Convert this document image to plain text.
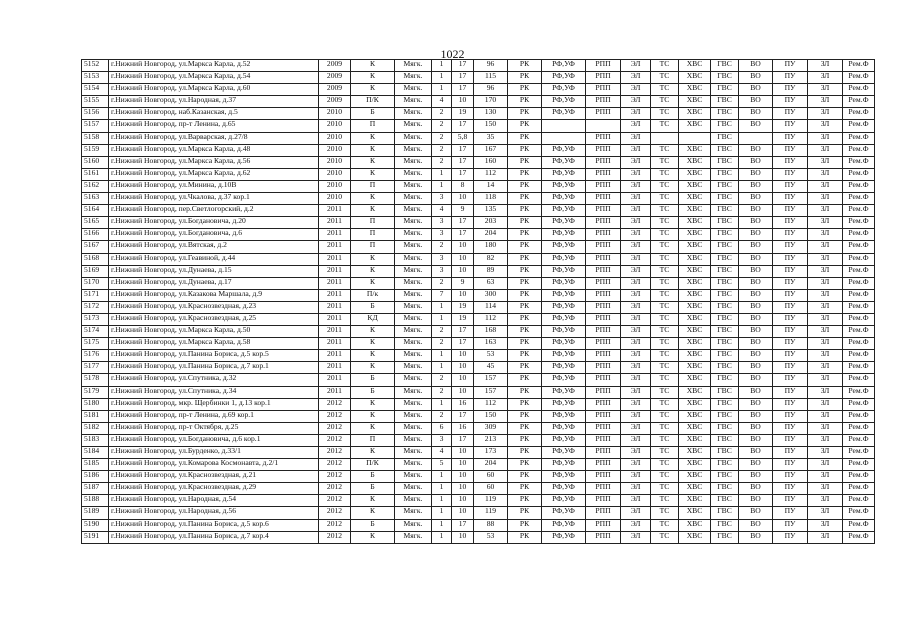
1022
5152	г.Нижний Новгород, ул.Маркса Карла, д.52	2009	К	Мягк.	1	17	96	РК	РФ,УФ	РПП	ЭЛ	ТС	ХВС	ГВС	ВО	ПУ	ЗЛ	Рем.Ф
5153	г.Нижний Новгород, ул.Маркса Карла, д.54	2009	К	Мягк.	1	17	115	РК	РФ,УФ	РПП	ЭЛ	ТС	ХВС	ГВС	ВО	ПУ	ЗЛ	Рем.Ф
5154	г.Нижний Новгород, ул.Маркса Карла, д.60	2009	К	Мягк.	1	17	96	РК	РФ,УФ	РПП	ЭЛ	ТС	ХВС	ГВС	ВО	ПУ	ЗЛ	Рем.Ф
5155	г.Нижний Новгород, ул.Народная, д.37	2009	П/К	Мягк.	4	10	170	РК	РФ,УФ	РПП	ЭЛ	ТС	ХВС	ГВС	ВО	ПУ	ЗЛ	Рем.Ф
5156	г.Нижний Новгород, наб.Казанская, д.5	2010	Б	Мягк.	2	19	130	РК	РФ,УФ	РПП	ЭЛ	ТС	ХВС	ГВС	ВО	ПУ	ЗЛ	Рем.Ф
5157	г.Нижний Новгород, пр-т Ленина, д.65	2010	П	Мягк.	2	17	150	РК			ЭЛ	ТС	ХВС	ГВС	ВО	ПУ	ЗЛ	Рем.Ф
5158	г.Нижний Новгород, ул.Варварская, д.27/8	2010	К	Мягк.	2	5,8	35	РК		РПП	ЭЛ			ГВС		ПУ	ЗЛ	Рем.Ф
5159	г.Нижний Новгород, ул.Маркса Карла, д.48	2010	К	Мягк.	2	17	167	РК	РФ,УФ	РПП	ЭЛ	ТС	ХВС	ГВС	ВО	ПУ	ЗЛ	Рем.Ф
5160	г.Нижний Новгород, ул.Маркса Карла, д.56	2010	К	Мягк.	2	17	160	РК	РФ,УФ	РПП	ЭЛ	ТС	ХВС	ГВС	ВО	ПУ	ЗЛ	Рем.Ф
5161	г.Нижний Новгород, ул.Маркса Карла, д.62	2010	К	Мягк.	1	17	112	РК	РФ,УФ	РПП	ЭЛ	ТС	ХВС	ГВС	ВО	ПУ	ЗЛ	Рем.Ф
5162	г.Нижний Новгород, ул.Минина, д.10В	2010	П	Мягк.	1	8	14	РК	РФ,УФ	РПП	ЭЛ	ТС	ХВС	ГВС	ВО	ПУ	ЗЛ	Рем.Ф
5163	г.Нижний Новгород, ул.Чкалова, д.37 кор.1	2010	К	Мягк.	3	10	118	РК	РФ,УФ	РПП	ЭЛ	ТС	ХВС	ГВС	ВО	ПУ	ЗЛ	Рем.Ф
5164	г.Нижний Новгород, пер.Светлогорский, д.2	2011	К	Мягк.	4	9	135	РК	РФ,УФ	РПП	ЭЛ	ТС	ХВС	ГВС	ВО	ПУ	ЗЛ	Рем.Ф
5165	г.Нижний Новгород, ул.Богдановича, д.20	2011	П	Мягк.	3	17	203	РК	РФ,УФ	РПП	ЭЛ	ТС	ХВС	ГВС	ВО	ПУ	ЗЛ	Рем.Ф
5166	г.Нижний Новгород, ул.Богдановича, д.6	2011	П	Мягк.	3	17	204	РК	РФ,УФ	РПП	ЭЛ	ТС	ХВС	ГВС	ВО	ПУ	ЗЛ	Рем.Ф
5167	г.Нижний Новгород, ул.Вятская, д.2	2011	П	Мягк.	2	10	180	РК	РФ,УФ	РПП	ЭЛ	ТС	ХВС	ГВС	ВО	ПУ	ЗЛ	Рем.Ф
5168	г.Нижний Новгород, ул.Геавиной, д.44	2011	К	Мягк.	3	10	82	РК	РФ,УФ	РПП	ЭЛ	ТС	ХВС	ГВС	ВО	ПУ	ЗЛ	Рем.Ф
5169	г.Нижний Новгород, ул.Дунаева, д.15	2011	К	Мягк.	3	10	89	РК	РФ,УФ	РПП	ЭЛ	ТС	ХВС	ГВС	ВО	ПУ	ЗЛ	Рем.Ф
5170	г.Нижний Новгород, ул.Дунаева, д.17	2011	К	Мягк.	2	9	63	РК	РФ,УФ	РПП	ЭЛ	ТС	ХВС	ГВС	ВО	ПУ	ЗЛ	Рем.Ф
5171	г.Нижний Новгород, ул.Казакова Маршала, д.9	2011	П/к	Мягк.	7	10	300	РК	РФ,УФ	РПП	ЭЛ	ТС	ХВС	ГВС	ВО	ПУ	ЗЛ	Рем.Ф
5172	г.Нижний Новгород, ул.Краснозвездная, д.23	2011	Б	Мягк.	1	19	114	РК	РФ,УФ	РПП	ЭЛ	ТС	ХВС	ГВС	ВО	ПУ	ЗЛ	Рем.Ф
5173	г.Нижний Новгород, ул.Краснозвездная, д.25	2011	КД	Мягк.	1	19	112	РК	РФ,УФ	РПП	ЭЛ	ТС	ХВС	ГВС	ВО	ПУ	ЗЛ	Рем.Ф
5174	г.Нижний Новгород, ул.Маркса Карла, д.50	2011	К	Мягк.	2	17	168	РК	РФ,УФ	РПП	ЭЛ	ТС	ХВС	ГВС	ВО	ПУ	ЗЛ	Рем.Ф
5175	г.Нижний Новгород, ул.Маркса Карла, д.58	2011	К	Мягк.	2	17	163	РК	РФ,УФ	РПП	ЭЛ	ТС	ХВС	ГВС	ВО	ПУ	ЗЛ	Рем.Ф
5176	г.Нижний Новгород, ул.Панина Бориса, д.5 кор.5	2011	К	Мягк.	1	10	53	РК	РФ,УФ	РПП	ЭЛ	ТС	ХВС	ГВС	ВО	ПУ	ЗЛ	Рем.Ф
5177	г.Нижний Новгород, ул.Панина Бориса, д.7 кор.1	2011	К	Мягк.	1	10	45	РК	РФ,УФ	РПП	ЭЛ	ТС	ХВС	ГВС	ВО	ПУ	ЗЛ	Рем.Ф
5178	г.Нижний Новгород, ул.Спутника, д.32	2011	Б	Мягк.	2	10	157	РК	РФ,УФ	РПП	ЭЛ	ТС	ХВС	ГВС	ВО	ПУ	ЗЛ	Рем.Ф
5179	г.Нижний Новгород, ул.Спутника, д.34	2011	Б	Мягк.	2	10	157	РК	РФ,УФ	РПП	ЭЛ	ТС	ХВС	ГВС	ВО	ПУ	ЗЛ	Рем.Ф
5180	г.Нижний Новгород, мкр. Щербинки 1, д.13 кор.1	2012	К	Мягк.	1	16	112	РК	РФ,УФ	РПП	ЭЛ	ТС	ХВС	ГВС	ВО	ПУ	ЗЛ	Рем.Ф
5181	г.Нижний Новгород, пр-т Ленина, д.69 кор.1	2012	К	Мягк.	2	17	150	РК	РФ,УФ	РПП	ЭЛ	ТС	ХВС	ГВС	ВО	ПУ	ЗЛ	Рем.Ф
5182	г.Нижний Новгород, пр-т Октября, д.25	2012	К	Мягк.	6	16	309	РК	РФ,УФ	РПП	ЭЛ	ТС	ХВС	ГВС	ВО	ПУ	ЗЛ	Рем.Ф
5183	г.Нижний Новгород, ул.Богдановича, д.6 кор.1	2012	П	Мягк.	3	17	213	РК	РФ,УФ	РПП	ЭЛ	ТС	ХВС	ГВС	ВО	ПУ	ЗЛ	Рем.Ф
5184	г.Нижний Новгород, ул.Бурденко, д.33/1	2012	К	Мягк.	4	10	173	РК	РФ,УФ	РПП	ЭЛ	ТС	ХВС	ГВС	ВО	ПУ	ЗЛ	Рем.Ф
5185	г.Нижний Новгород, ул.Комарова Космонавта, д.2/1	2012	П/К	Мягк.	5	10	204	РК	РФ,УФ	РПП	ЭЛ	ТС	ХВС	ГВС	ВО	ПУ	ЗЛ	Рем.Ф
5186	г.Нижний Новгород, ул.Краснозвездная, д.21	2012	Б	Мягк.	1	10	60	РК	РФ,УФ	РПП	ЭЛ	ТС	ХВС	ГВС	ВО	ПУ	ЗЛ	Рем.Ф
5187	г.Нижний Новгород, ул.Краснозвездная, д.29	2012	Б	Мягк.	1	10	60	РК	РФ,УФ	РПП	ЭЛ	ТС	ХВС	ГВС	ВО	ПУ	ЗЛ	Рем.Ф
5188	г.Нижний Новгород, ул.Народная, д.54	2012	К	Мягк.	1	10	119	РК	РФ,УФ	РПП	ЭЛ	ТС	ХВС	ГВС	ВО	ПУ	ЗЛ	Рем.Ф
5189	г.Нижний Новгород, ул.Народная, д.56	2012	К	Мягк.	1	10	119	РК	РФ,УФ	РПП	ЭЛ	ТС	ХВС	ГВС	ВО	ПУ	ЗЛ	Рем.Ф
5190	г.Нижний Новгород, ул.Панина Бориса, д.5 кор.6	2012	Б	Мягк.	1	17	88	РК	РФ,УФ	РПП	ЭЛ	ТС	ХВС	ГВС	ВО	ПУ	ЗЛ	Рем.Ф
5191	г.Нижний Новгород, ул.Панина Бориса, д.7 кор.4	2012	К	Мягк.	1	10	53	РК	РФ,УФ	РПП	ЭЛ	ТС	ХВС	ГВС	ВО	ПУ	ЗЛ	Рем.Ф
